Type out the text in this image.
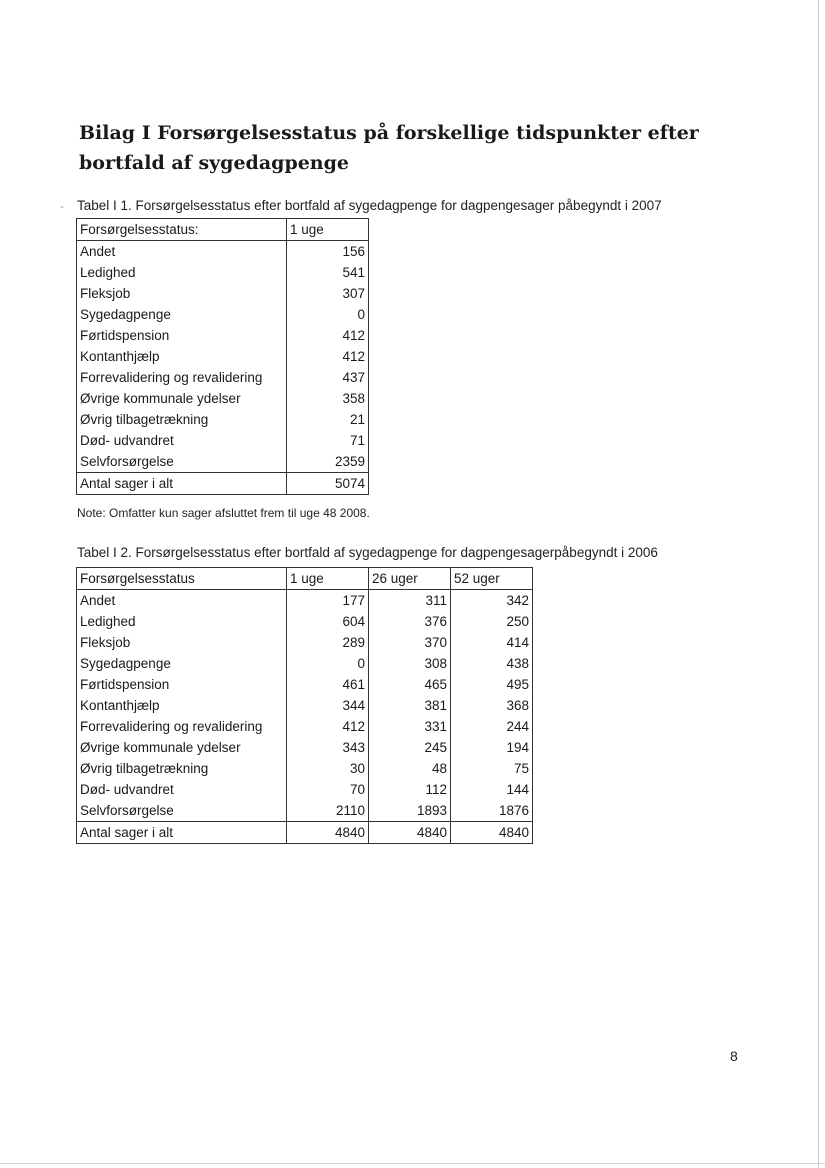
Bilag I Forsørgelsesstatus på forskellige tidspunkter efter bortfald af sygedagpenge
- Tabel I 1. Forsørgelsesstatus efter bortfald af sygedagpenge for dagpengesager påbegyndt i 2007
Forsørgelsesstatus:	1 uge
Andet	156
Ledighed	541
Fleksjob	307
Sygedagpenge	0
Førtidspension	412
Kontanthjælp	412
Forrevalidering og revalidering	437
Øvrige kommunale ydelser	358
Øvrig tilbagetrækning	21
Død- udvandret	71
Selvforsørgelse	2359
Antal sager i alt	5074
Note: Omfatter kun sager afsluttet frem til uge 48 2008.
Tabel I 2. Forsørgelsesstatus efter bortfald af sygedagpenge for dagpengesagerpåbegyndt i 2006
Forsørgelsesstatus	1 uge	26 uger	52 uger
Andet	177	311	342
Ledighed	604	376	250
Fleksjob	289	370	414
Sygedagpenge	0	308	438
Førtidspension	461	465	495
Kontanthjælp	344	381	368
Forrevalidering og revalidering	412	331	244
Øvrige kommunale ydelser	343	245	194
Øvrig tilbagetrækning	30	48	75
Død- udvandret	70	112	144
Selvforsørgelse	2110	1893	1876
Antal sager i alt	4840	4840	4840
8
